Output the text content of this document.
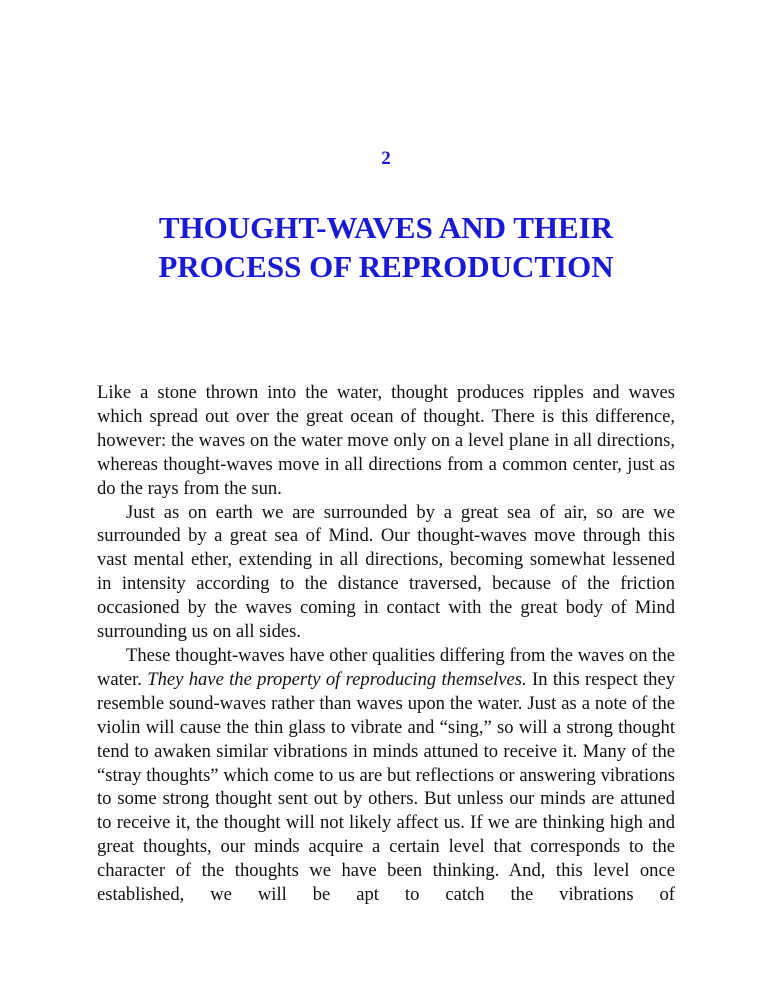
2
THOUGHT-WAVES AND THEIR
PROCESS OF REPRODUCTION

Like a stone thrown into the water, thought produces ripples and waves which spread out over the great ocean of thought. There is this difference, however: the waves on the water move only on a level plane in all directions, whereas thought-waves move in all directions from a common center, just as do the rays from the sun.

Just as on earth we are surrounded by a great sea of air, so are we surrounded by a great sea of Mind. Our thought-waves move through this vast mental ether, extending in all directions, becoming somewhat lessened in intensity according to the distance traversed, because of the friction occasioned by the waves coming in contact with the great body of Mind surrounding us on all sides.

These thought-waves have other qualities differing from the waves on the water. They have the property of reproducing themselves. In this respect they resemble sound-waves rather than waves upon the water. Just as a note of the violin will cause the thin glass to vibrate and “sing,” so will a strong thought tend to awaken similar vibrations in minds attuned to receive it. Many of the “stray thoughts” which come to us are but reflections or answering vibrations to some strong thought sent out by others. But unless our minds are attuned to receive it, the thought will not likely affect us. If we are thinking high and great thoughts, our minds acquire a certain level that corresponds to the character of the thoughts we have been thinking. And, this level once established, we will be apt to catch the vibrations of
